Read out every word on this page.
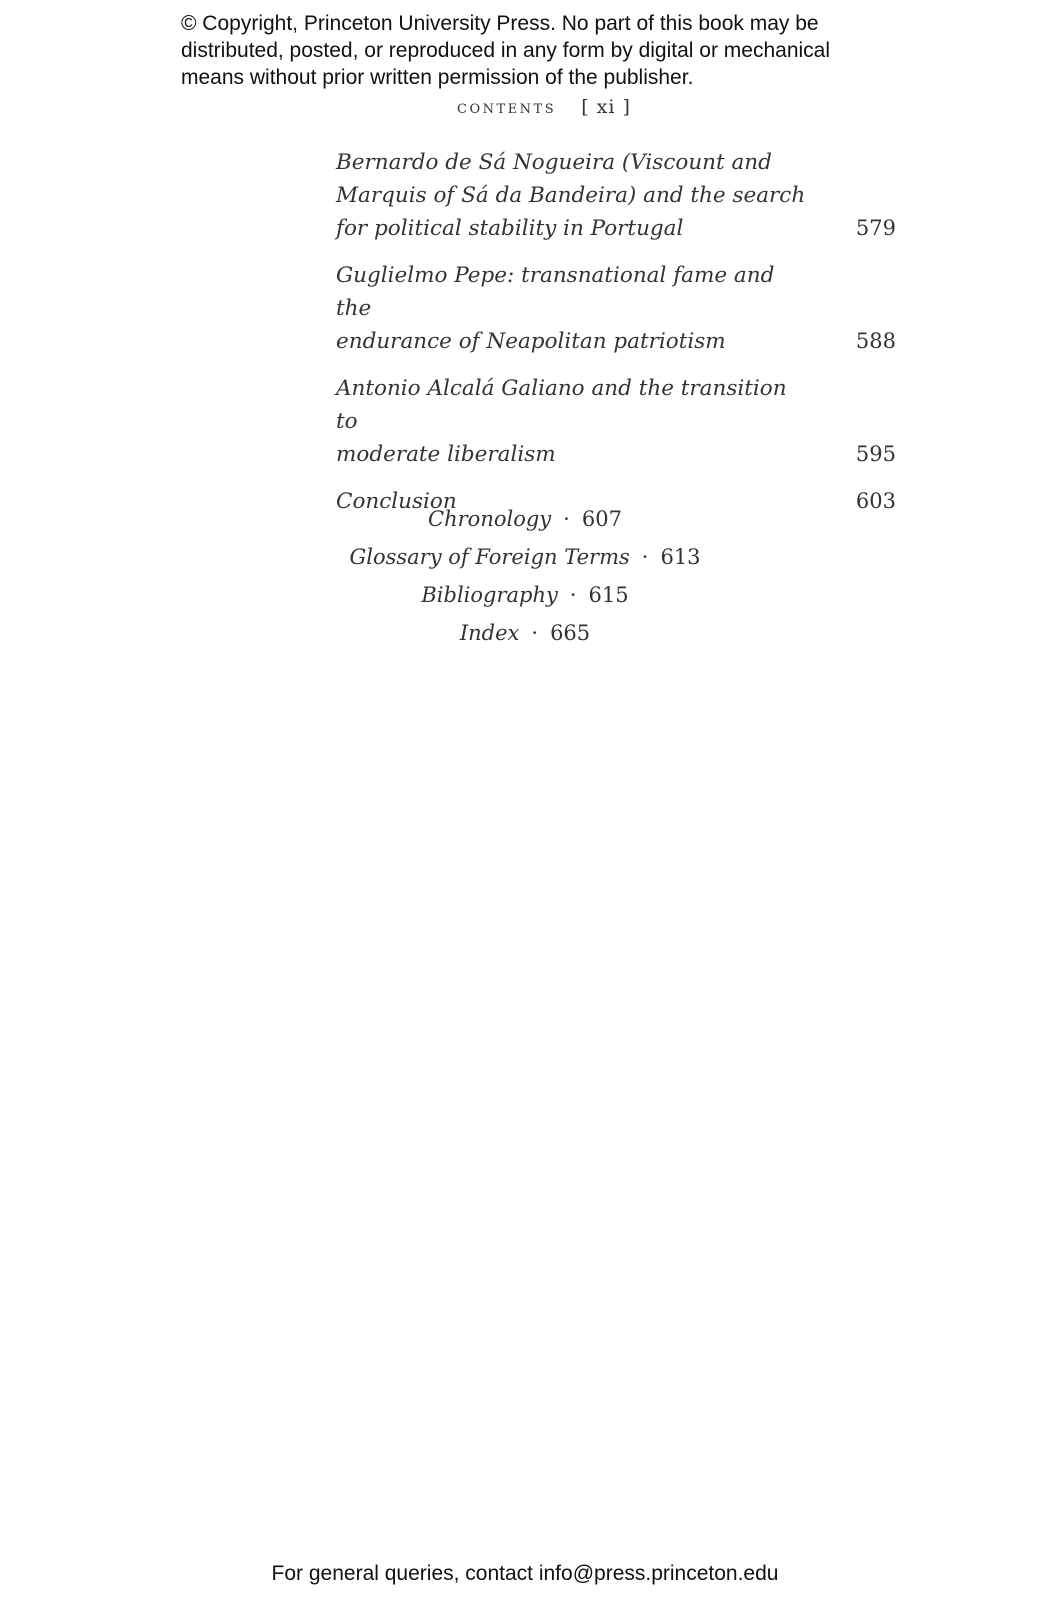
© Copyright, Princeton University Press. No part of this book may be
distributed, posted, or reproduced in any form by digital or mechanical
means without prior written permission of the publisher.
contents [ xi ]
Bernardo de Sá Nogueira (Viscount and
Marquis of Sá da Bandeira) and the search
for political stability in Portugal	579
Guglielmo Pepe: transnational fame and the
endurance of Neapolitan patriotism	588
Antonio Alcalá Galiano and the transition to
moderate liberalism	595
Conclusion	603
Chronology · 607
Glossary of Foreign Terms · 613
Bibliography · 615
Index · 665
For general queries, contact info@press.princeton.edu
